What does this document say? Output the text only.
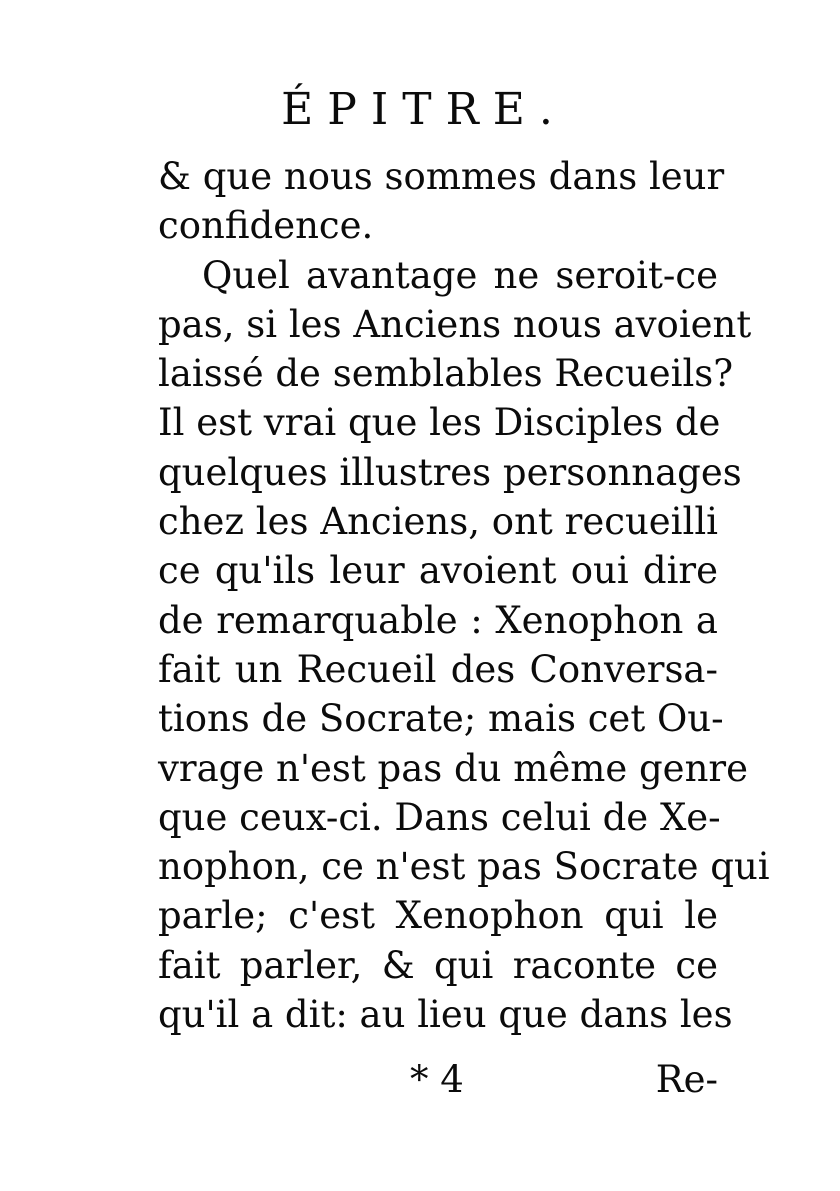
ÉPITRE.
& que nous sommes dans leur
confidence.
Quel avantage ne seroit-ce
pas, si les Anciens nous avoient
laissé de semblables Recueils?
Il est vrai que les Disciples de
quelques illustres personnages
chez les Anciens, ont recueilli
ce qu'ils leur avoient oui dire
de remarquable : Xenophon a
fait un Recueil des Conversa-
tions de Socrate; mais cet Ou-
vrage n'est pas du même genre
que ceux-ci. Dans celui de Xe-
nophon, ce n'est pas Socrate qui
parle; c'est Xenophon qui le
fait parler, & qui raconte ce
qu'il a dit: au lieu que dans les
* 4	Re-
